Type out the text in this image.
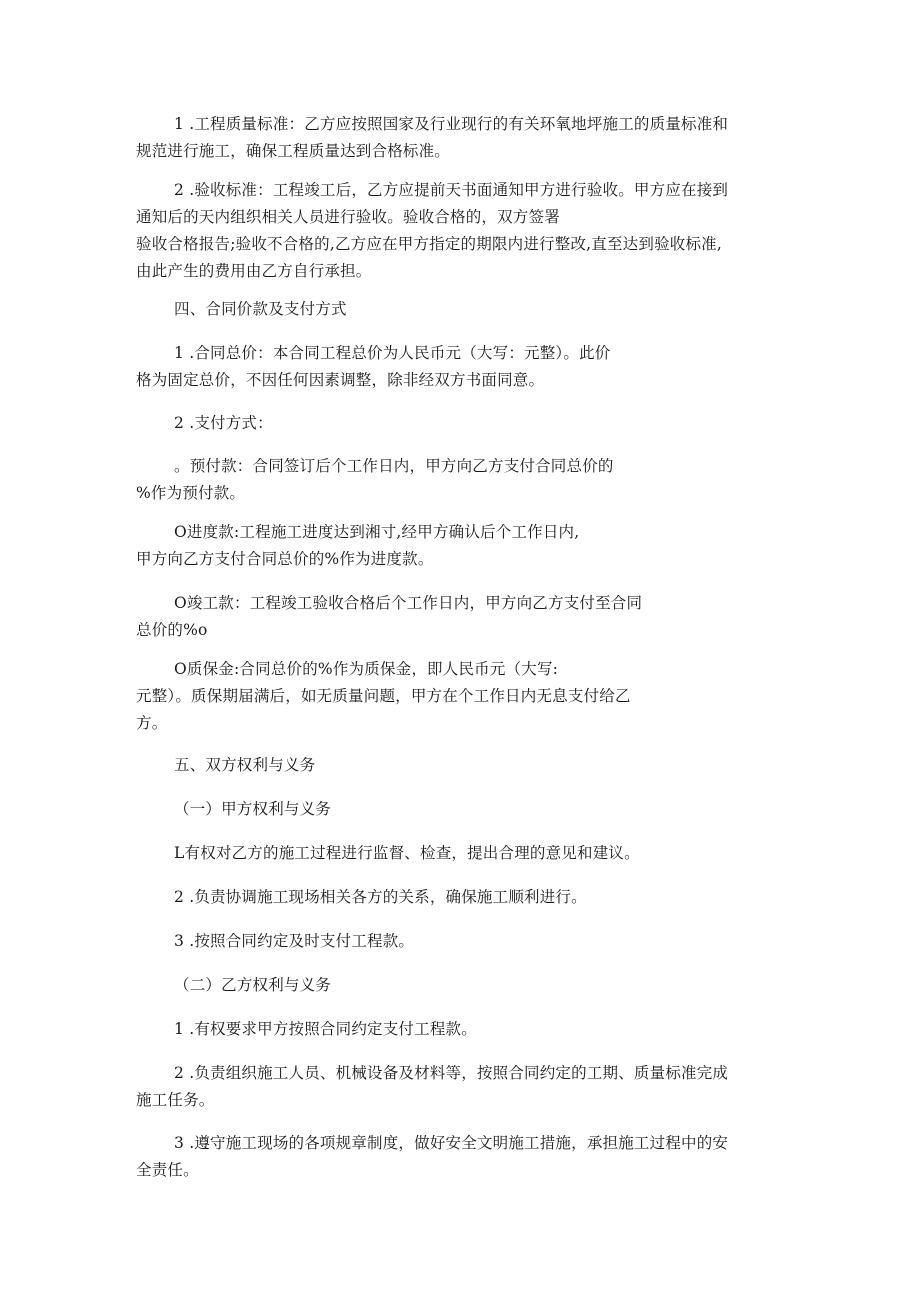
1 .工程质量标准：乙方应按照国家及行业现行的有关环氧地坪施工的质量标准和
规范进行施工，确保工程质量达到合格标准。

2 .验收标准：工程竣工后，乙方应提前天书面通知甲方进行验收。甲方应在接到
通知后的天内组织相关人员进行验收。验收合格的，双方签署
验收合格报告;验收不合格的,乙方应在甲方指定的期限内进行整改,直至达到验收标准,
由此产生的费用由乙方自行承担。

四、合同价款及支付方式

1 .合同总价：本合同工程总价为人民币元（大写：元整）。此价
格为固定总价，不因任何因素调整，除非经双方书面同意。

2 .支付方式：

。预付款：合同签订后个工作日内，甲方向乙方支付合同总价的
%作为预付款。

O进度款:工程施工进度达到湘寸,经甲方确认后个工作日内,
甲方向乙方支付合同总价的%作为进度款。

O竣工款：工程竣工验收合格后个工作日内，甲方向乙方支付至合同
总价的%o

O质保金:合同总价的%作为质保金，即人民币元（大写:
元整）。质保期届满后，如无质量问题，甲方在个工作日内无息支付给乙
方。

五、双方权利与义务

（一）甲方权利与义务

L有权对乙方的施工过程进行监督、检查，提出合理的意见和建议。

2 .负责协调施工现场相关各方的关系，确保施工顺利进行。

3 .按照合同约定及时支付工程款。

（二）乙方权利与义务

1 .有权要求甲方按照合同约定支付工程款。

2 .负责组织施工人员、机械设备及材料等，按照合同约定的工期、质量标准完成
施工任务。

3 .遵守施工现场的各项规章制度，做好安全文明施工措施，承担施工过程中的安
全责任。
